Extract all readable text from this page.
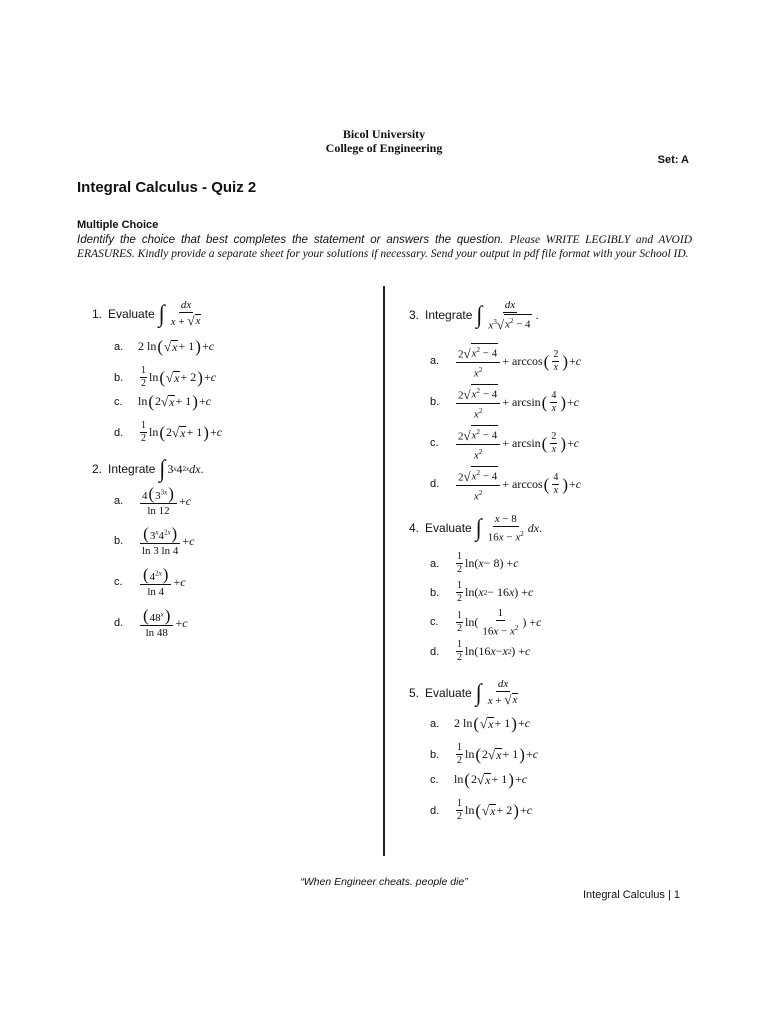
Bicol University
College of Engineering
Set: A
Integral Calculus - Quiz 2
Multiple Choice
Identify the choice that best completes the statement or answers the question. Please WRITE LEGIBLY and AVOID ERASURES. Kindly provide a separate sheet for your solutions if necessary. Send your output in pdf file format with your School ID.
1. Evaluate ∫ $\frac{dx}{x + √ x}$
a.	2 ln ( √ x + 1 ) + c
b.	$\frac{1}{2}$ ln ( √ x + 2 ) + c
c.	ln ( 2 √ x + 1 ) + c
d.	$\frac{1}{2}$ ln ( 2 √ x + 1 ) + c
2. Integrate ∫ 3 x 4 2x dx .
a.	$\frac{4(3^{3x})}{\ln 12} + c$
b. $\frac{(3^x4^{2x})}{\ln 3 \ln 4} + c$
c.	$\frac{(4^{2x})}{\ln 4} + c$
d. $\frac{(48^x)}{\ln 48} + c$
3. Integrate ∫ $\frac{dx}{x^3 √ x^2 - 4}$ .
a.	$\frac{2 √ x^2 - 4}{x^2} + \arccos$ ( $\frac{2}{x}$ ) + c
b.	$\frac{2 √ x^2 - 4}{x^2} + \arcsin$ ( $\frac{4}{x}$ ) + c
c.	$\frac{2 √ x^2 - 4}{x^2} + \arcsin$ ( $\frac{2}{x}$ ) + c
d.	$\frac{2 √ x^2 - 4}{x^2} + \arccos$ ( $\frac{4}{x}$ ) + c
4. Evaluate ∫ $\frac{x - 8}{16x - x^2}$ dx .
a.	$\frac{1}{2} \ln$( x − 8) + c
b.	$\frac{1}{2} \ln$( x 2 − 16 x ) + c
c.	$\frac{1}{2} \ln( \frac{1}{16x - x^2}$ ) + c
d.	$\frac{1}{2} \ln(16$ x − x 2 ) + c
5. Evaluate ∫ $\frac{dx}{x + √ x}$
a.	2 ln ( √ x + 1 ) + c
b.	$\frac{1}{2}$ ln ( 2 √ x + 1 ) + c
c.	ln ( 2 √ x + 1 ) + c
d.	$\frac{1}{2}$ ln ( √ x + 2 ) + c
“When Engineer cheats. people die”
Integral Calculus | 1
